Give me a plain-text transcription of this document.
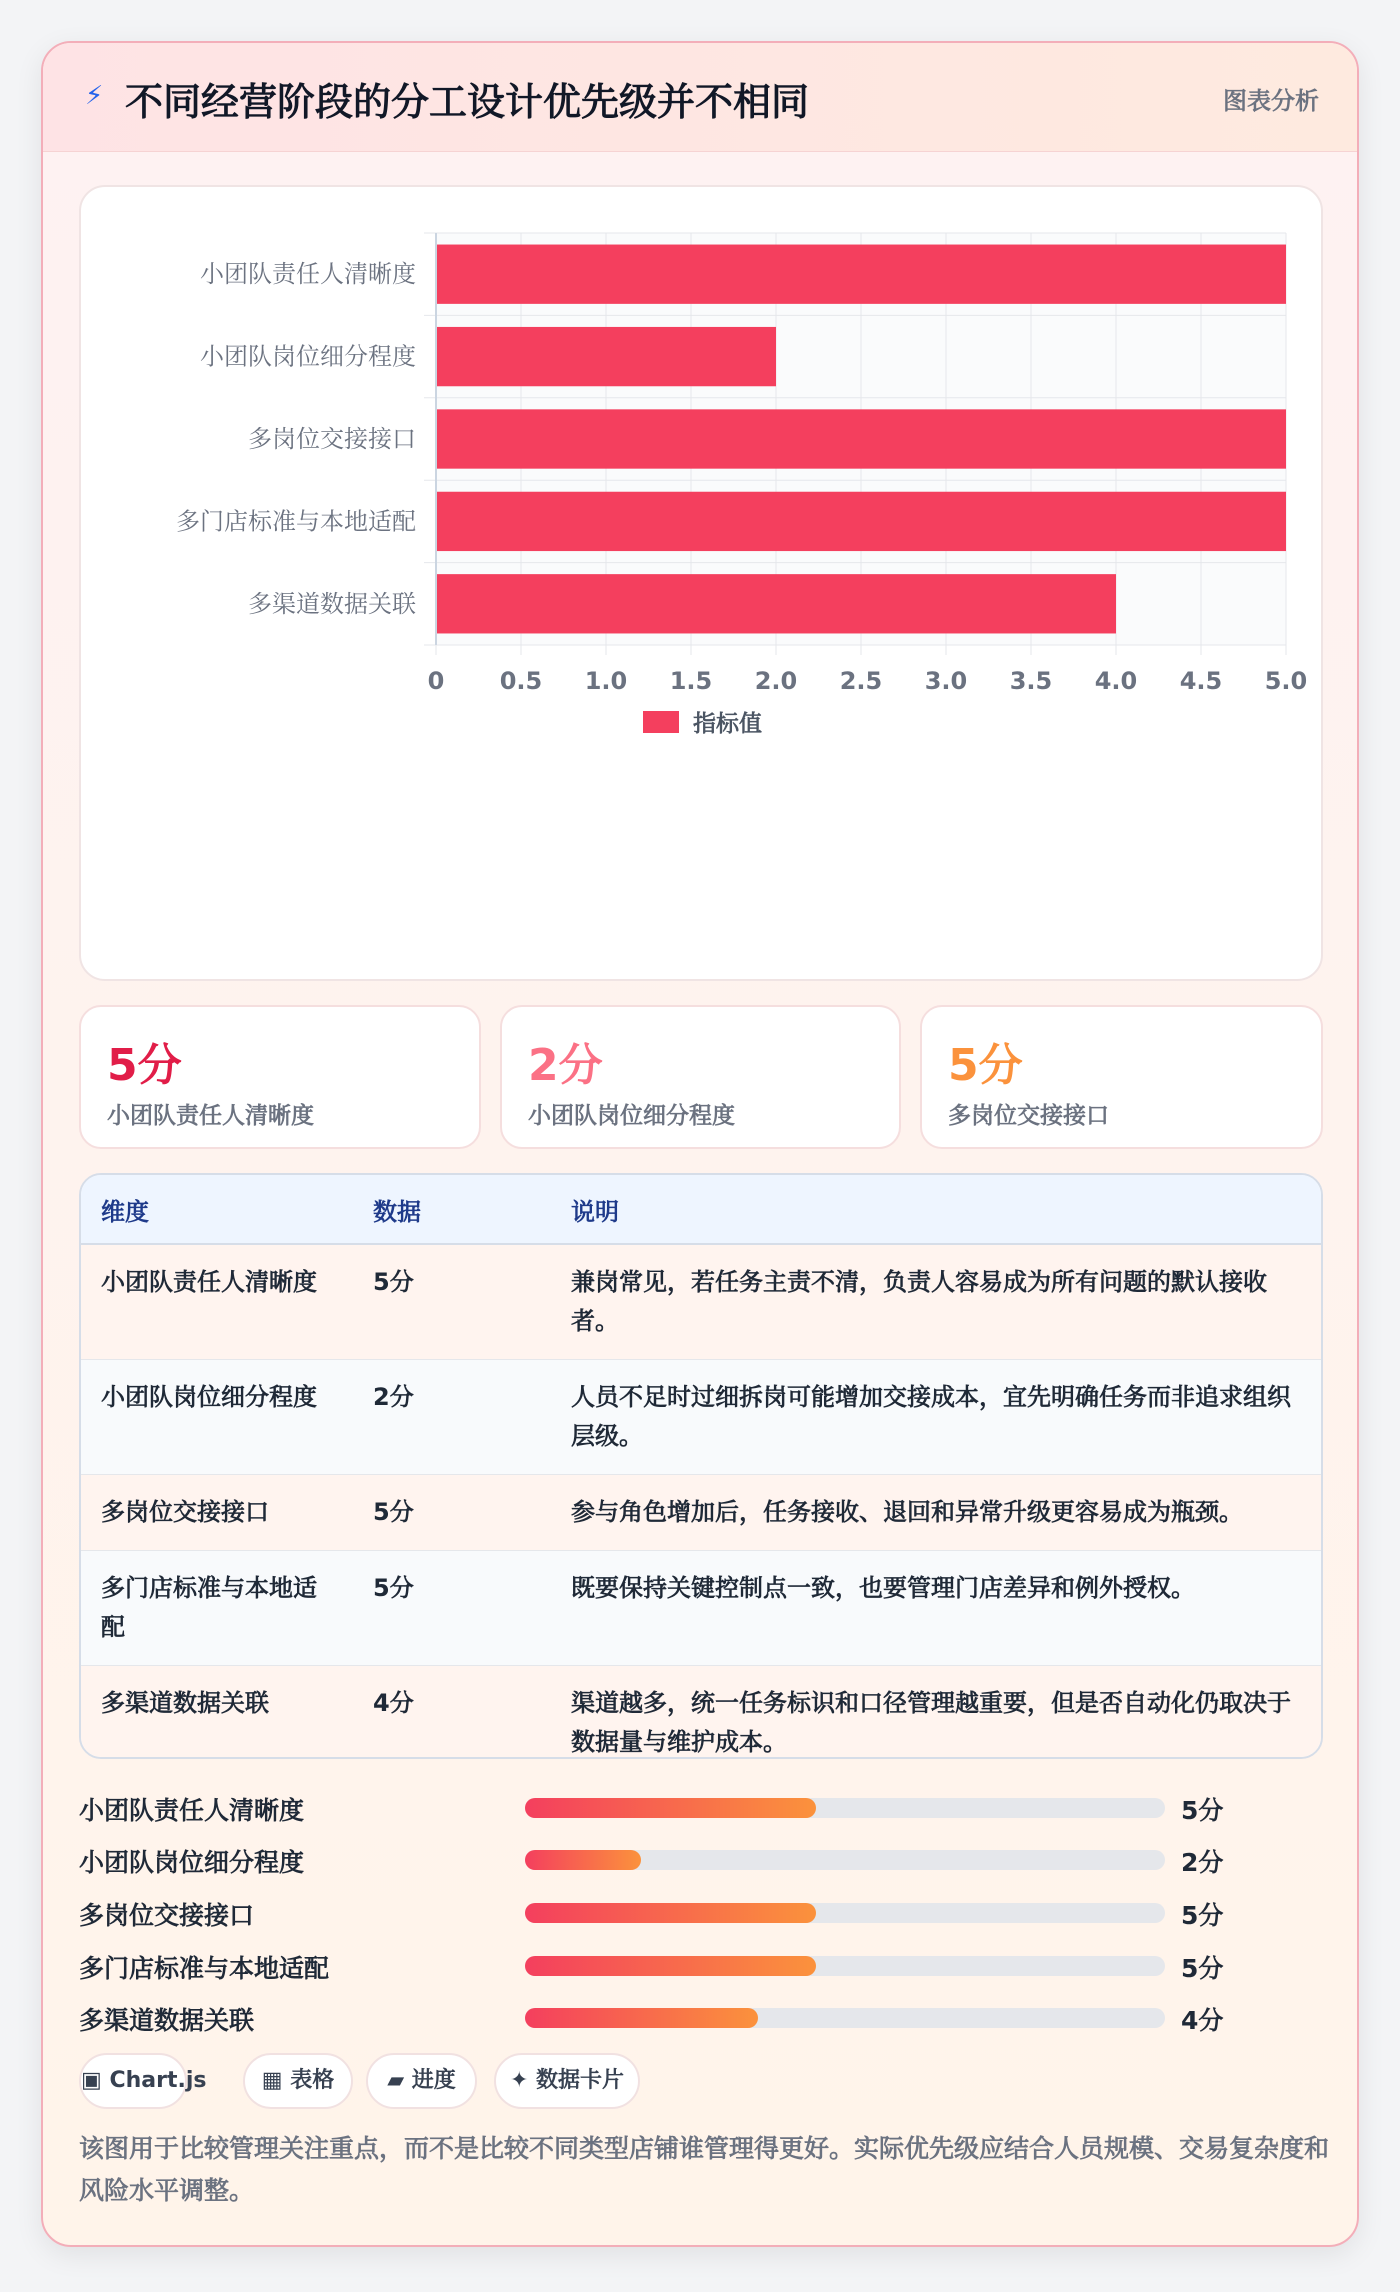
⚡ 不同经营阶段的分工设计优先级并不相同	图表分析
0 0.5 1.0 1.5 2.0 2.5 3.0 3.5 4.0 4.5 5.0
小团队责任人清晰度
小团队岗位细分程度
多岗位交接接口
多门店标准与本地适配
多渠道数据关联
指标值
5分
小团队责任人清晰度
2分
小团队岗位细分程度
5分
多岗位交接接口
维度	数据	说明
小团队责任人清晰度	5分	兼岗常见，若任务主责不清，负责人容易成为所有问题的默认接收者。
小团队岗位细分程度	2分	人员不足时过细拆岗可能增加交接成本，宜先明确任务而非追求组织层级。
多岗位交接接口	5分	参与角色增加后，任务接收、退回和异常升级更容易成为瓶颈。
多门店标准与本地适配	5分	既要保持关键控制点一致，也要管理门店差异和例外授权。
多渠道数据关联	4分	渠道越多，统一任务标识和口径管理越重要，但是否自动化仍取决于数据量与维护成本。
小团队责任人清晰度	5分
小团队岗位细分程度	2分
多岗位交接接口	5分
多门店标准与本地适配	5分
多渠道数据关联	4分
▣ Chart.js	▦ 表格	▰ 进度	✦ 数据卡片
该图用于比较管理关注重点，而不是比较不同类型店铺谁管理得更好。实际优先级应结合人员规模、交易复杂度和风险水平调整。
